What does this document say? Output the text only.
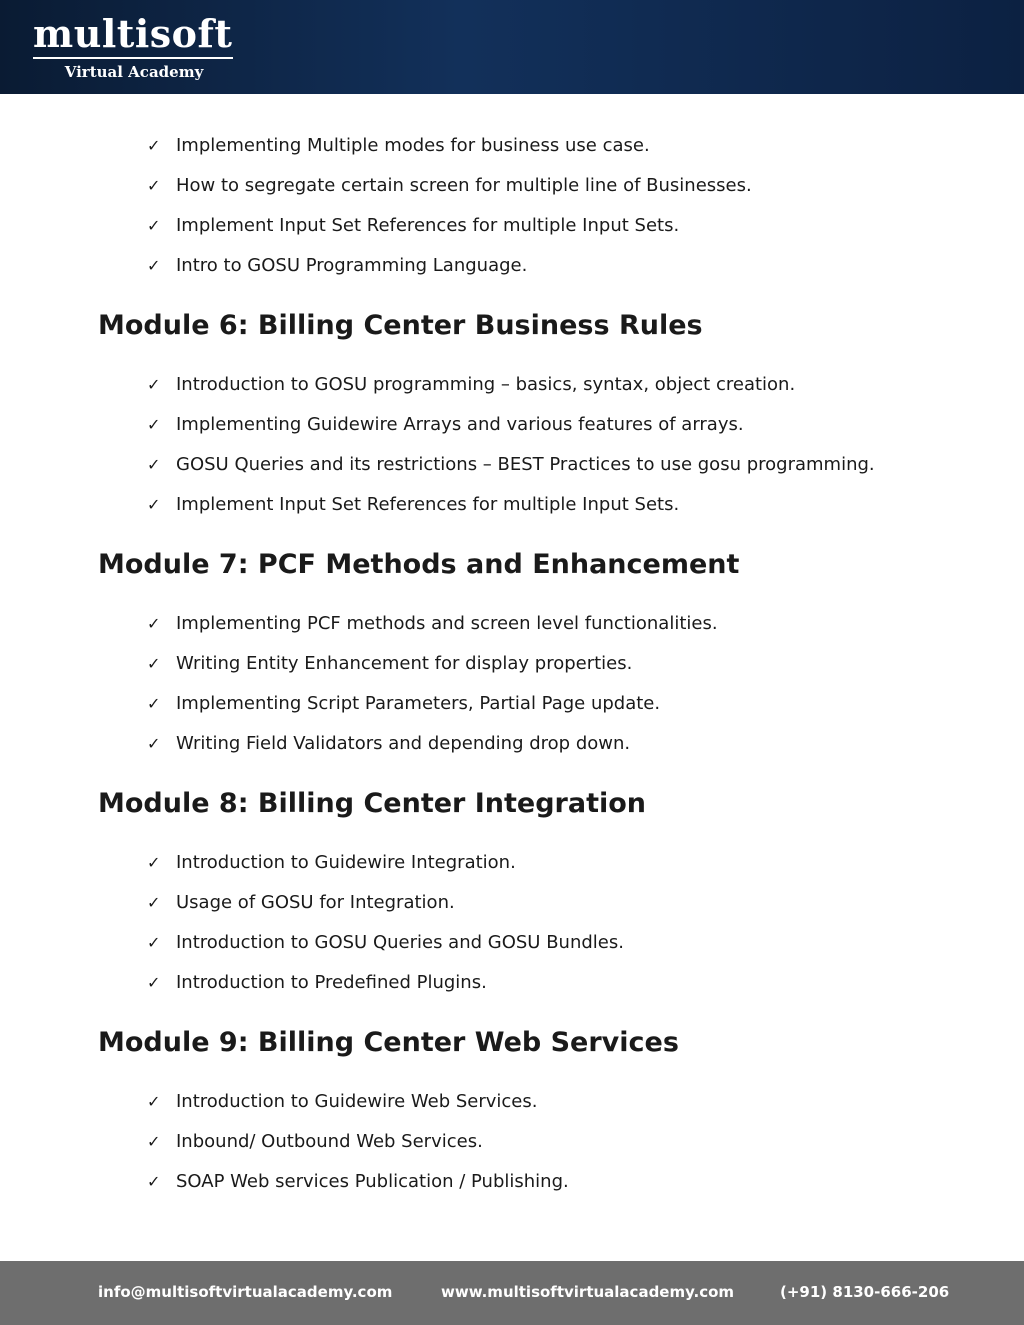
multisoft
Virtual Academy
✓ Implementing Multiple modes for business use case.
✓ How to segregate certain screen for multiple line of Businesses.
✓ Implement Input Set References for multiple Input Sets.
✓ Intro to GOSU Programming Language.
Module 6: Billing Center Business Rules
✓ Introduction to GOSU programming – basics, syntax, object creation.
✓ Implementing Guidewire Arrays and various features of arrays.
✓ GOSU Queries and its restrictions – BEST Practices to use gosu programming.
✓ Implement Input Set References for multiple Input Sets.
Module 7: PCF Methods and Enhancement
✓ Implementing PCF methods and screen level functionalities.
✓ Writing Entity Enhancement for display properties.
✓ Implementing Script Parameters, Partial Page update.
✓ Writing Field Validators and depending drop down.
Module 8: Billing Center Integration
✓ Introduction to Guidewire Integration.
✓ Usage of GOSU for Integration.
✓ Introduction to GOSU Queries and GOSU Bundles.
✓ Introduction to Predefined Plugins.
Module 9: Billing Center Web Services
✓ Introduction to Guidewire Web Services.
✓ Inbound/ Outbound Web Services.
✓ SOAP Web services Publication / Publishing.
info@multisoftvirtualacademy.com	www.multisoftvirtualacademy.com	(+91) 8130-666-206
